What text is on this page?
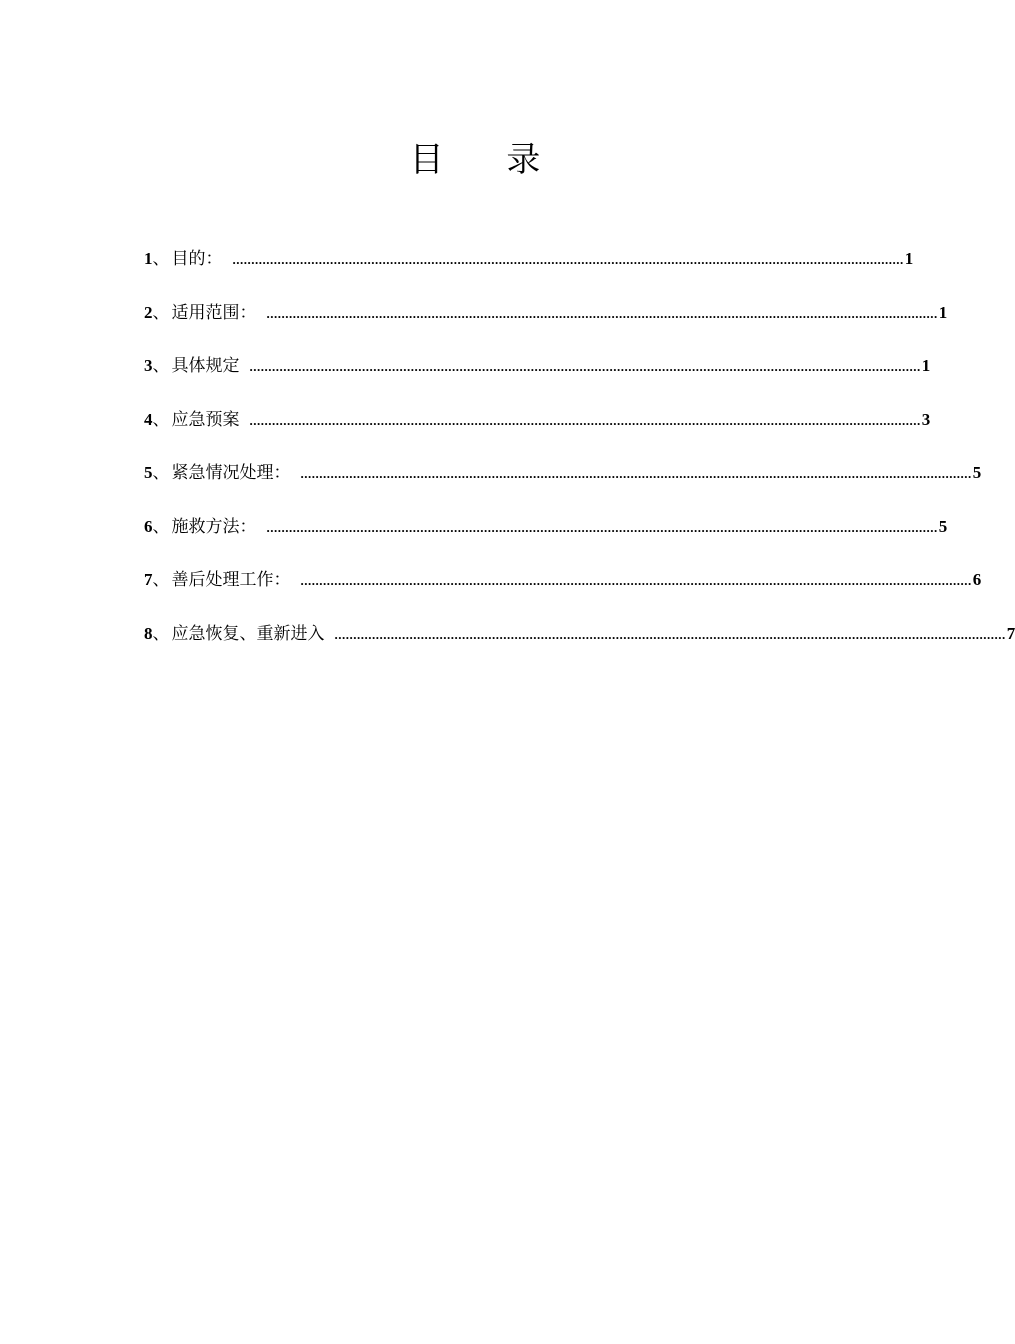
目 录
1 、 目的： ................................................................................................................................................................................... 1
2 、 适用范围： ................................................................................................................................................................................... 1
3 、 具体规定 ................................................................................................................................................................................... 1
4 、 应急预案 ................................................................................................................................................................................... 3
5 、 紧急情况处理： ................................................................................................................................................................................... 5
6 、 施救方法： ................................................................................................................................................................................... 5
7 、 善后处理工作： ................................................................................................................................................................................... 6
8 、 应急恢复、重新进入 ................................................................................................................................................................................... 7
